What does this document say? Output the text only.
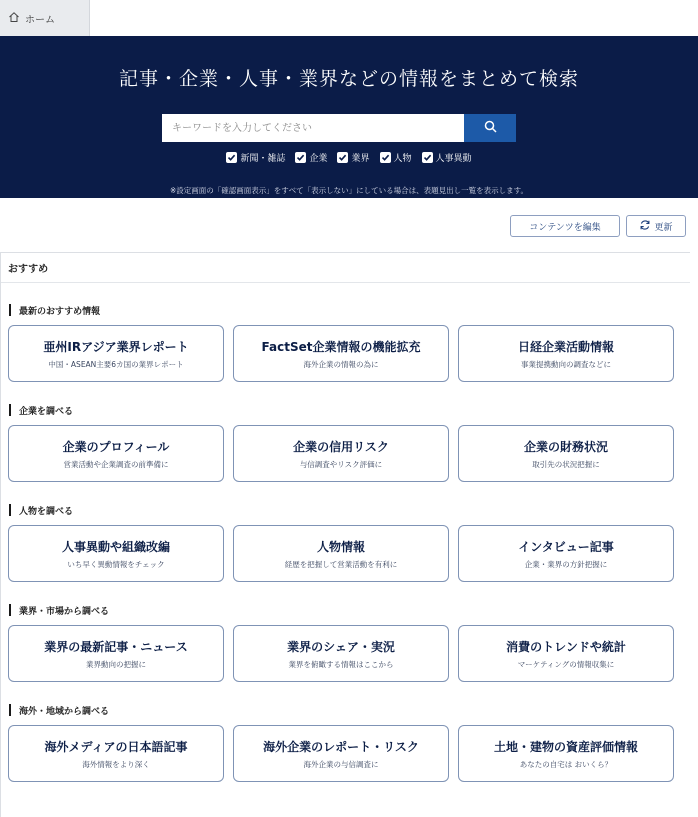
ホーム
記事・企業・人事・業界などの情報をまとめて検索
キーワードを入力してください
新聞・雑誌	企業	業界	人物	人事異動
※設定画面の「確認画面表示」をすべて「表示しない」にしている場合は、表題見出し一覧を表示します。
コンテンツを編集	更新
おすすめ
最新のおすすめ情報
亜州IRアジア業界レポート
中国・ASEAN主要6カ国の業界レポート
FactSet企業情報の機能拡充
海外企業の情報の為に
日経企業活動情報
事業提携動向の調査などに
企業を調べる
企業のプロフィール
営業活動や企業調査の前準備に
企業の信用リスク
与信調査やリスク評価に
企業の財務状況
取引先の状況把握に
人物を調べる
人事異動や組織改編
いち早く異動情報をチェック
人物情報
経歴を把握して営業活動を有利に
インタビュー記事
企業・業界の方針把握に
業界・市場から調べる
業界の最新記事・ニュース
業界動向の把握に
業界のシェア・実況
業界を俯瞰する情報はここから
消費のトレンドや統計
マーケティングの情報収集に
海外・地域から調べる
海外メディアの日本語記事
海外情報をより深く
海外企業のレポート・リスク
海外企業の与信調査に
土地・建物の資産評価情報
あなたの自宅は おいくら？
